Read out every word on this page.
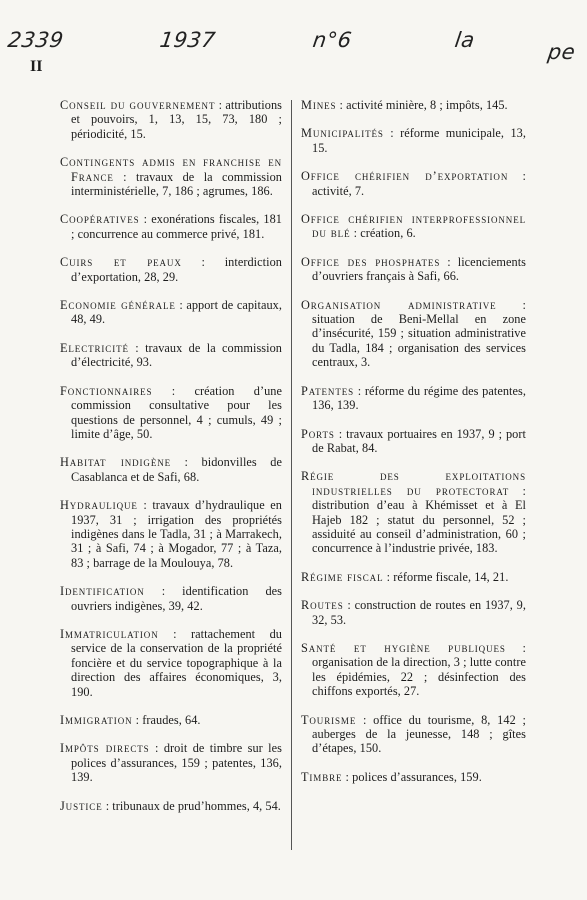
2339	1937	n°6	la	pe
II

Conseil du gouvernement : attributions et pouvoirs, 1, 13, 15, 73, 180 ; périodicité, 15.

Contingents admis en franchise en France : travaux de la commission interministérielle, 7, 186 ; agrumes, 186.

Coopératives : exonérations fiscales, 181 ; concurrence au commerce privé, 181.

Cuirs et peaux : interdiction d’exportation, 28, 29.

Economie générale : apport de capitaux, 48, 49.

Electricité : travaux de la commission d’électricité, 93.

Fonctionnaires : création d’une commission consultative pour les questions de personnel, 4 ; cumuls, 49 ; limite d’âge, 50.

Habitat indigène : bidonvilles de Casablanca et de Safi, 68.

Hydraulique : travaux d’hydraulique en 1937, 31 ; irrigation des propriétés indigènes dans le Tadla, 31 ; à Marrakech, 31 ; à Safi, 74 ; à Mogador, 77 ; à Taza, 83 ; barrage de la Moulouya, 78.

Identification : identification des ouvriers indigènes, 39, 42.

Immatriculation : rattachement du service de la conservation de la propriété foncière et du service topographique à la direction des affaires économiques, 3, 190.

Immigration : fraudes, 64.

Impôts directs : droit de timbre sur les polices d’assurances, 159 ; patentes, 136, 139.

Justice : tribunaux de prud’hommes, 4, 54.

Mines : activité minière, 8 ; impôts, 145.

Municipalités : réforme municipale, 13, 15.

Office chérifien d’exportation : activité, 7.

Office chérifien interprofessionnel du blé : création, 6.

Office des phosphates : licenciements d’ouvriers français à Safi, 66.

Organisation administrative : situation de Beni-Mellal en zone d’insécurité, 159 ; situation administrative du Tadla, 184 ; organisation des services centraux, 3.

Patentes : réforme du régime des patentes, 136, 139.

Ports : travaux portuaires en 1937, 9 ; port de Rabat, 84.

Régie des exploitations industrielles du protectorat : distribution d’eau à Khémisset et à El Hajeb 182 ; statut du personnel, 52 ; assiduité au conseil d’administration, 60 ; concurrence à l’industrie privée, 183.

Régime fiscal : réforme fiscale, 14, 21.

Routes : construction de routes en 1937, 9, 32, 53.

Santé et hygiène publiques : organisation de la direction, 3 ; lutte contre les épidémies, 22 ; désinfection des chiffons exportés, 27.

Tourisme : office du tourisme, 8, 142 ; auberges de la jeunesse, 148 ; gîtes d’étapes, 150.

Timbre : polices d’assurances, 159.
